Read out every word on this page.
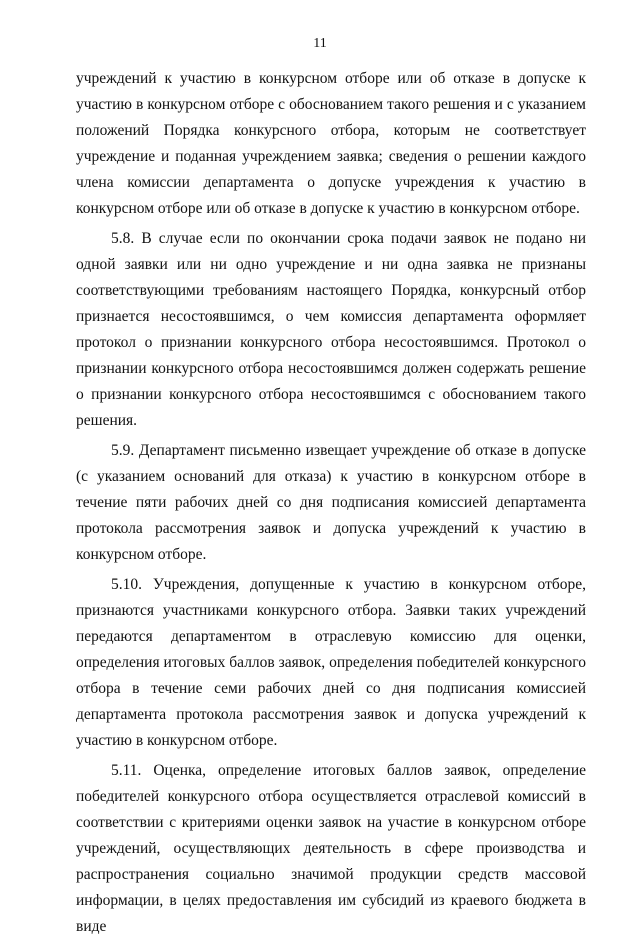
11

учреждений к участию в конкурсном отборе или об отказе в допуске к участию в конкурсном отборе с обоснованием такого решения и с указанием положений Порядка конкурсного отбора, которым не соответствует учреждение и поданная учреждением заявка; сведения о решении каждого члена комиссии департамента о допуске учреждения к участию в конкурсном отборе или об отказе в допуске к участию в конкурсном отборе.

5.8. В случае если по окончании срока подачи заявок не подано ни одной заявки или ни одно учреждение и ни одна заявка не признаны соответствующими требованиям настоящего Порядка, конкурсный отбор признается несостоявшимся, о чем комиссия департамента оформляет протокол о признании конкурсного отбора несостоявшимся. Протокол о признании конкурсного отбора несостоявшимся должен содержать решение о признании конкурсного отбора несостоявшимся с обоснованием такого решения.

5.9. Департамент письменно извещает учреждение об отказе в допуске (с указанием оснований для отказа) к участию в конкурсном отборе в течение пяти рабочих дней со дня подписания комиссией департамента протокола рассмотрения заявок и допуска учреждений к участию в конкурсном отборе.

5.10. Учреждения, допущенные к участию в конкурсном отборе, признаются участниками конкурсного отбора. Заявки таких учреждений передаются департаментом в отраслевую комиссию для оценки, определения итоговых баллов заявок, определения победителей конкурсного отбора в течение семи рабочих дней со дня подписания комиссией департамента протокола рассмотрения заявок и допуска учреждений к участию в конкурсном отборе.

5.11. Оценка, определение итоговых баллов заявок, определение победителей конкурсного отбора осуществляется отраслевой комиссий в соответствии с критериями оценки заявок на участие в конкурсном отборе учреждений, осуществляющих деятельность в сфере производства и распространения социально значимой продукции средств массовой информации, в целях предоставления им субсидий из краевого бюджета в виде
